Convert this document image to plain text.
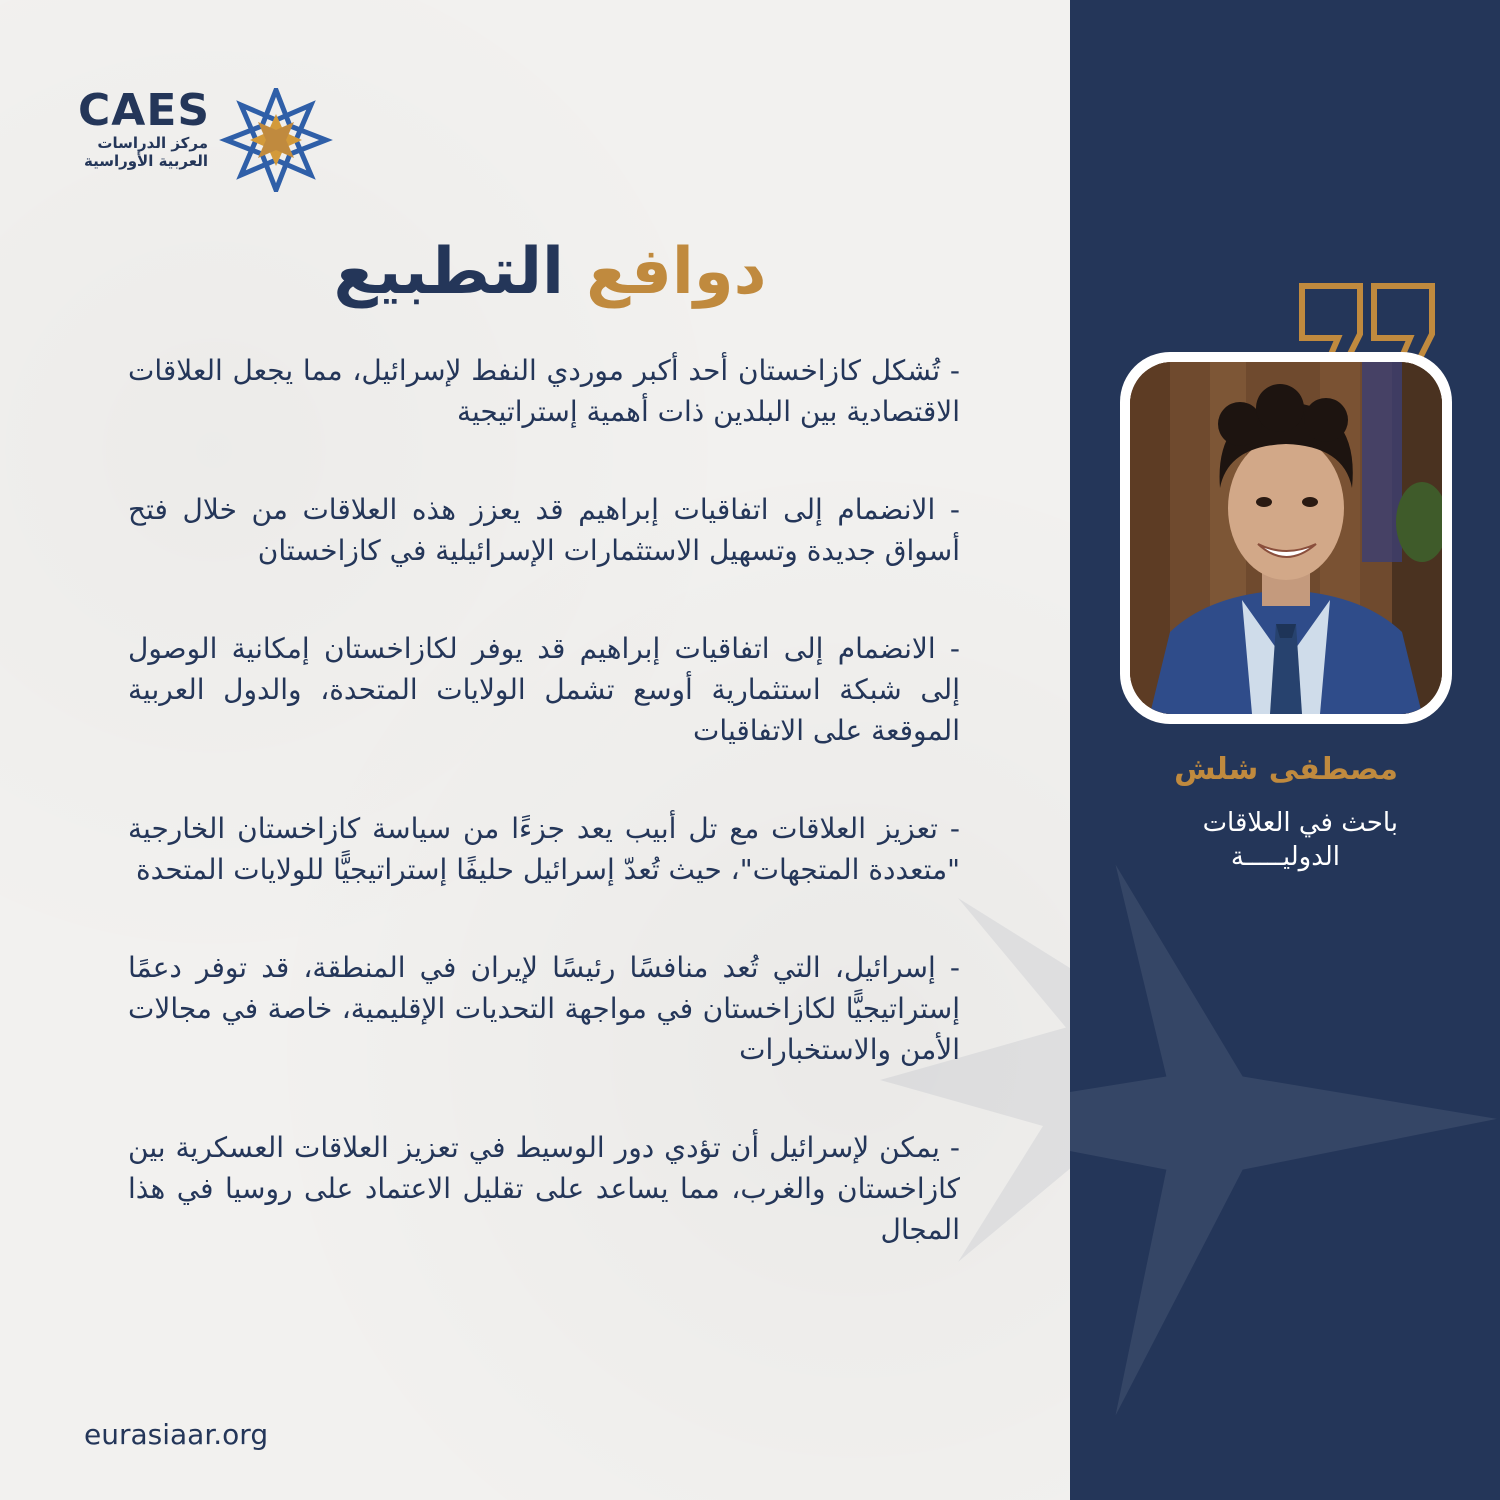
CAES
مركز الدراسات
العربية الأوراسية
دوافع التطبيع

- تُشكل كازاخستان أحد أكبر موردي النفط لإسرائيل، مما يجعل العلاقات الاقتصادية بين البلدين ذات أهمية إستراتيجية

- الانضمام إلى اتفاقيات إبراهيم قد يعزز هذه العلاقات من خلال فتح أسواق جديدة وتسهيل الاستثمارات الإسرائيلية في كازاخستان

- الانضمام إلى اتفاقيات إبراهيم قد يوفر لكازاخستان إمكانية الوصول إلى شبكة استثمارية أوسع تشمل الولايات المتحدة، والدول العربية الموقعة على الاتفاقيات

- تعزيز العلاقات مع تل أبيب يعد جزءًا من سياسة كازاخستان الخارجية "متعددة المتجهات"، حيث تُعدّ إسرائيل حليفًا إستراتيجيًّا للولايات المتحدة

- إسرائيل، التي تُعد منافسًا رئيسًا لإيران في المنطقة، قد توفر دعمًا إستراتيجيًّا لكازاخستان في مواجهة التحديات الإقليمية، خاصة في مجالات الأمن والاستخبارات

- يمكن لإسرائيل أن تؤدي دور الوسيط في تعزيز العلاقات العسكرية بين كازاخستان والغرب، مما يساعد على تقليل الاعتماد على روسيا في هذا المجال

eurasiaar.org
مصطفى شلش
باحث في العلاقات
الدوليـــــة
